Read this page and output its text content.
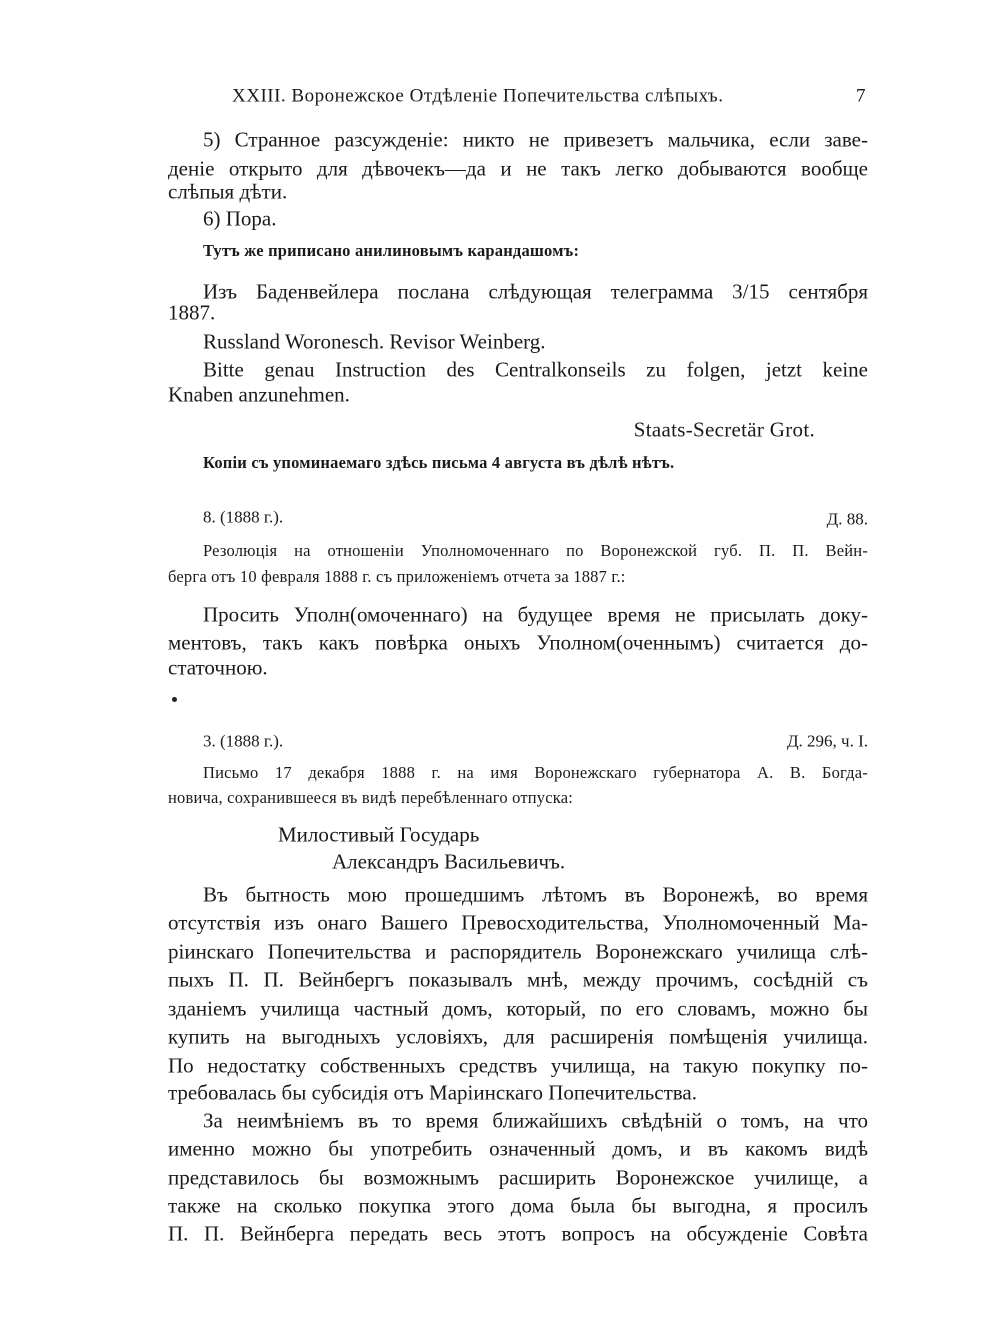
XXIII. Воронежское Отдѣленіе Попечительства слѣпыхъ.	7
5) Странное разсужденіе: никто не привезетъ мальчика, если заве-
деніе открыто для дѣвочекъ—да и не такъ легко добываются вообще
слѣпыя дѣти.
6) Пора.
Тутъ же приписано анилиновымъ карандашомъ:
Изъ Баденвейлера послана слѣдующая телеграмма 3/15 сентября
1887.
Russland Woronesch. Revisor Weinberg.
Bitte genau Instruction des Centralkonseils zu folgen, jetzt keine
Knaben anzunehmen.
Staats-Secretär Grot.
Копіи съ упоминаемаго здѣсь письма 4 августа въ дѣлѣ нѣтъ.
8. (1888 г.).	Д. 88.
Резолюція на отношеніи Уполномоченнаго по Воронежской губ. П. П. Вейн-
берга отъ 10 февраля 1888 г. съ приложеніемъ отчета за 1887 г.:
Просить Уполн(омоченнаго) на будущее время не присылать доку-
ментовъ, такъ какъ повѣрка оныхъ Уполном(оченнымъ) считается до-
статочною.
3. (1888 г.).	Д. 296, ч. I.
Письмо 17 декабря 1888 г. на имя Воронежскаго губернатора А. В. Богда-
новича, сохранившееся въ видѣ перебѣленнаго отпуска:
Милостивый Государь
Александръ Васильевичъ.
Въ бытность мою прошедшимъ лѣтомъ въ Воронежѣ, во время
отсутствія изъ онаго Вашего Превосходительства, Уполномоченный Ма-
ріинскаго Попечительства и распорядитель Воронежскаго училища слѣ-
пыхъ П. П. Вейнбергъ показывалъ мнѣ, между прочимъ, сосѣдній съ
зданіемъ училища частный домъ, который, по его словамъ, можно бы
купить на выгодныхъ условіяхъ, для расширенія помѣщенія училища.
По недостатку собственныхъ средствъ училища, на такую покупку по-
требовалась бы субсидія отъ Маріинскаго Попечительства.
За неимѣніемъ въ то время ближайшихъ свѣдѣній о томъ, на что
именно можно бы употребить означенный домъ, и въ какомъ видѣ
представилось бы возможнымъ расширить Воронежское училище, а
также на сколько покупка этого дома была бы выгодна, я просилъ
П. П. Вейнберга передать весь этотъ вопросъ на обсужденіе Совѣта
